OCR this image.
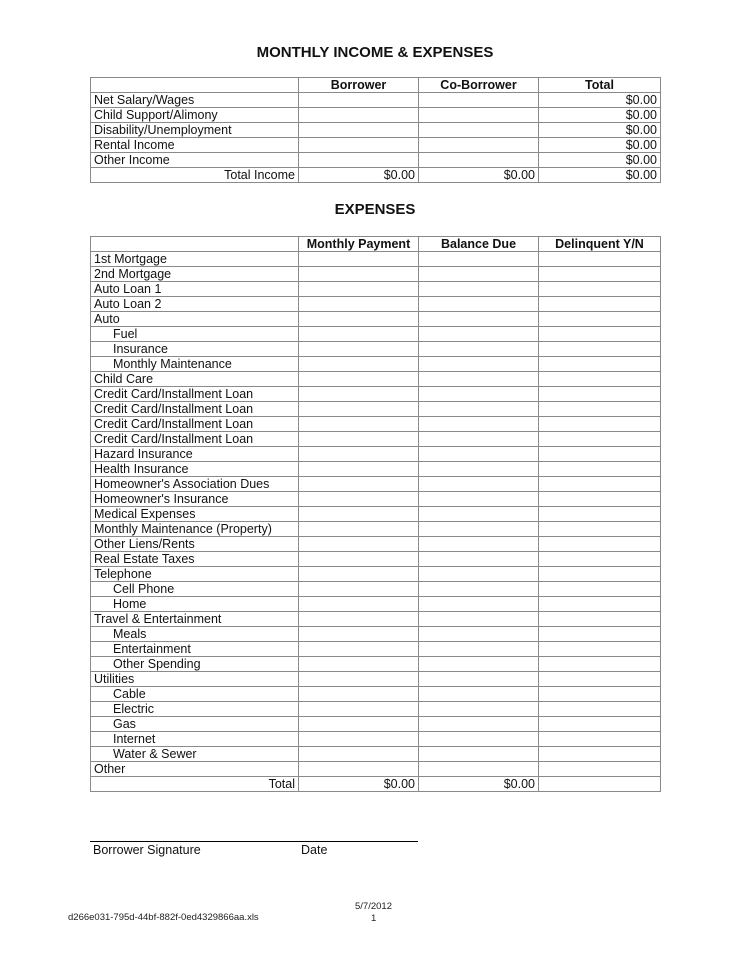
MONTHLY INCOME & EXPENSES
	Borrower	Co-Borrower	Total
Net Salary/Wages			$0.00
Child Support/Alimony			$0.00
Disability/Unemployment			$0.00
Rental Income			$0.00
Other Income			$0.00
Total Income	$0.00	$0.00	$0.00
EXPENSES
	Monthly Payment	Balance Due	Delinquent Y/N
1st Mortgage			
2nd Mortgage			
Auto Loan 1			
Auto Loan 2			
Auto			
Fuel			
Insurance			
Monthly Maintenance			
Child Care			
Credit Card/Installment Loan			
Credit Card/Installment Loan			
Credit Card/Installment Loan			
Credit Card/Installment Loan			
Hazard Insurance			
Health Insurance			
Homeowner's Association Dues			
Homeowner's Insurance			
Medical Expenses			
Monthly Maintenance (Property)			
Other Liens/Rents			
Real Estate Taxes			
Telephone			
Cell Phone			
Home			
Travel & Entertainment			
Meals			
Entertainment			
Other Spending			
Utilities			
Cable			
Electric			
Gas			
Internet			
Water & Sewer			
Other			
Total	$0.00	$0.00	
Borrower Signature	Date
5/7/2012
1
d266e031-795d-44bf-882f-0ed4329866aa.xls
